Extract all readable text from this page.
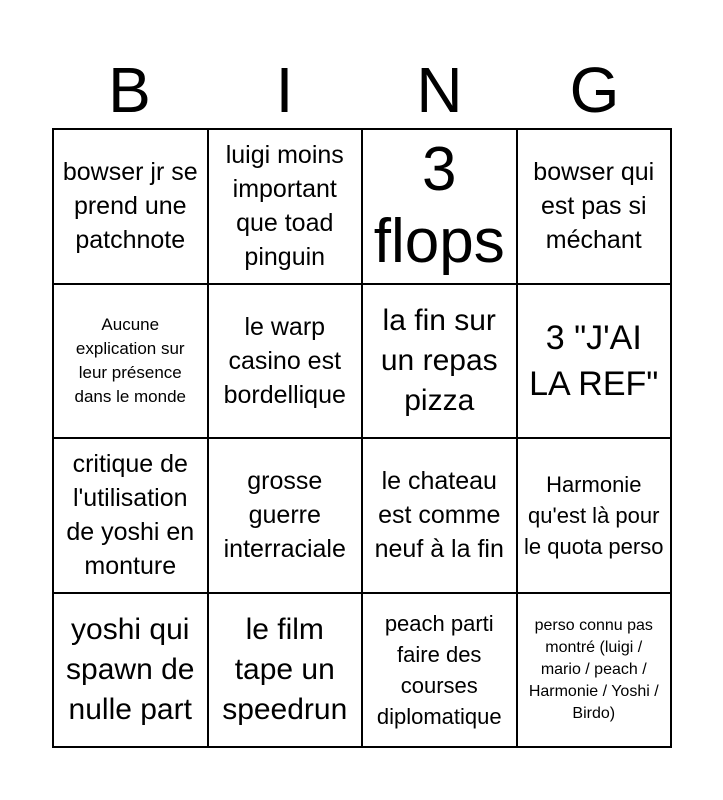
B	I	N	G
bowser jr se prend une patchnote
luigi moins important que toad pinguin
3 flops
bowser qui est pas si méchant
Aucune explication sur leur présence dans le monde
le warp casino est bordellique
la fin sur un repas pizza
3 "J'AI LA REF"
critique de l'utilisation de yoshi en monture
grosse guerre interraciale
le chateau est comme neuf à la fin
Harmonie qu'est là pour le quota perso
yoshi qui spawn de nulle part
le film tape un speedrun
peach parti faire des courses diplomatique
perso connu pas montré (luigi / mario / peach / Harmonie / Yoshi / Birdo)
